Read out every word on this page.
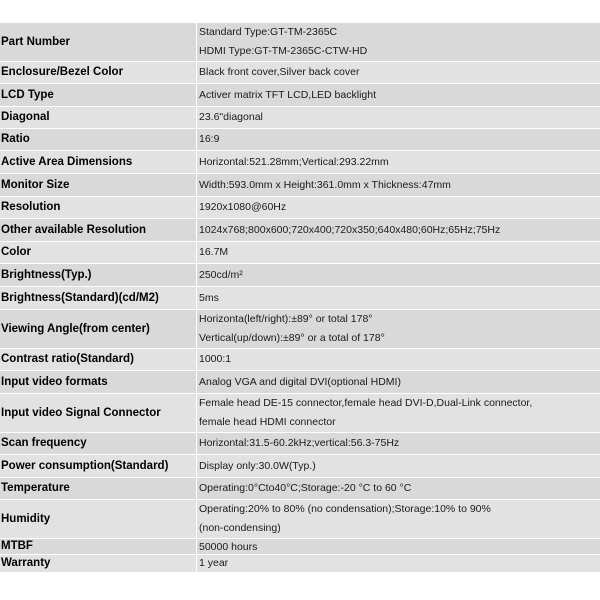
Part Number	Standard Type:GT-TM-2365C
HDMI Type:GT-TM-2365C-CTW-HD

Enclosure/Bezel Color	Black front cover,Silver back cover

LCD Type	Activer matrix TFT LCD,LED backlight

Diagonal	23.6"diagonal

Ratio	16:9

Active Area Dimensions	Horizontal:521.28mm;Vertical:293.22mm

Monitor Size	Width:593.0mm x Height:361.0mm x Thickness:47mm

Resolution	1920x1080@60Hz

Other available Resolution	1024x768;800x600;720x400;720x350;640x480;60Hz;65Hz;75Hz

Color	16.7M

Brightness(Typ.)	250cd/m²

Brightness(Standard)(cd/M2)	5ms

Viewing Angle(from center)	Horizonta(left/right):±89° or total 178°
Vertical(up/down):±89° or a total of 178°

Contrast ratio(Standard)	1000:1

Input video formats	Analog VGA and digital DVI(optional HDMI)

Input video Signal Connector	Female head DE-15 connector,female head DVI-D,Dual-Link connector,
female head HDMI connector

Scan frequency	Horizontal:31.5-60.2kHz;vertical:56.3-75Hz

Power consumption(Standard)	Display only:30.0W(Typ.)

Temperature	Operating:0°Cto40°C;Storage:-20 °C to 60 °C

Humidity	Operating:20% to 80% (no condensation);Storage:10% to 90%
(non-condensing)

MTBF	50000 hours

Warranty	1 year
